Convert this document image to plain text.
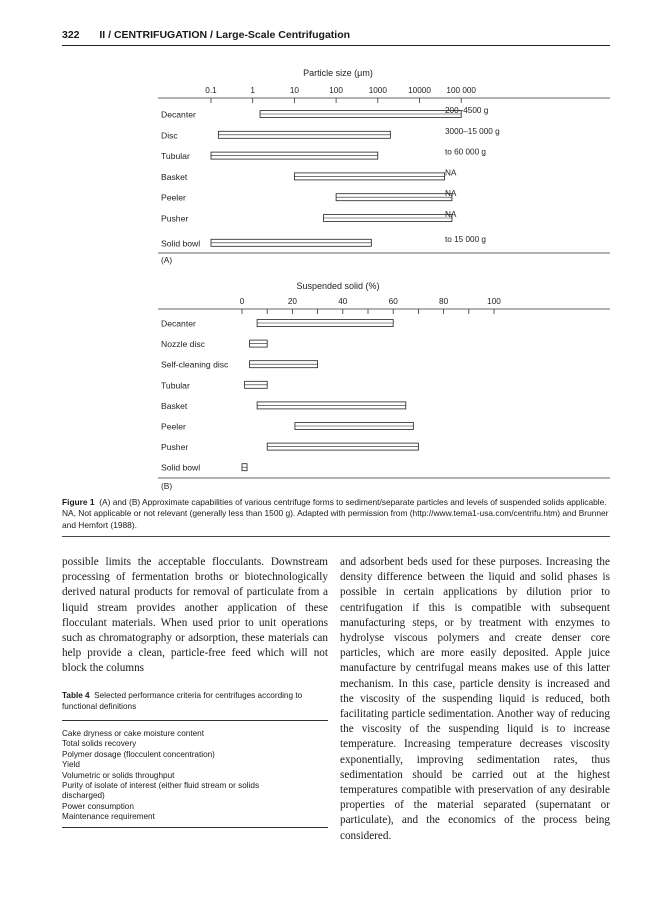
322 II / CENTRIFUGATION / Large-Scale Centrifugation
Particle size (μm)
0.1	1	10	100	1000	10000 100 000
Decanter	200–4500 g
Disc	3000–15 000 g
Tubular	to 60 000 g
Basket	NA
Peeler	NA
Pusher	NA
Solid bowl	to 15 000 g
(A)
Suspended solid (%)
0	20	40	60	80	100
Decanter
Nozzle disc
Self-cleaning disc
Tubular
Basket
Peeler
Pusher
Solid bowl
(B)
Figure 1 (A) and (B) Approximate capabilities of various centrifuge forms to sediment/separate particles and levels of suspended solids applicable. NA, Not applicable or not relevant (generally less than 1500 g). Adapted with permission from (http://www.tema1-usa.com/centrifu.htm) and Brunner and Hemfort (1988).
possible limits the acceptable flocculants. Downstream processing of fermentation broths or biotechnologically derived natural products for removal of particulate from a liquid stream provides another application of these flocculant materials. When used prior to unit operations such as chromatography or adsorption, these materials can help provide a clean, particle-free feed which will not block the columns
Table 4 Selected performance criteria for centrifuges according to functional definitions
Cake dryness or cake moisture content
Total solids recovery
Polymer dosage (flocculent concentration)
Yield
Volumetric or solids throughput
Purity of isolate of interest (either fluid stream or solids discharged)
Power consumption
Maintenance requirement
and adsorbent beds used for these purposes. Increasing the density difference between the liquid and solid phases is possible in certain applications by dilution prior to centrifugation if this is compatible with subsequent manufacturing steps, or by treatment with enzymes to hydrolyse viscous polymers and create denser core particles, which are more easily deposited. Apple juice manufacture by centrifugal means makes use of this latter mechanism. In this case, particle density is increased and the viscosity of the suspending liquid is reduced, both facilitating particle sedimentation. Another way of reducing the viscosity of the suspending liquid is to increase temperature. Increasing temperature decreases viscosity exponentially, improving sedimentation rates, thus sedimentation should be carried out at the highest temperatures compatible with preservation of any desirable properties of the material separated (supernatant or particulate), and the economics of the process being considered.
